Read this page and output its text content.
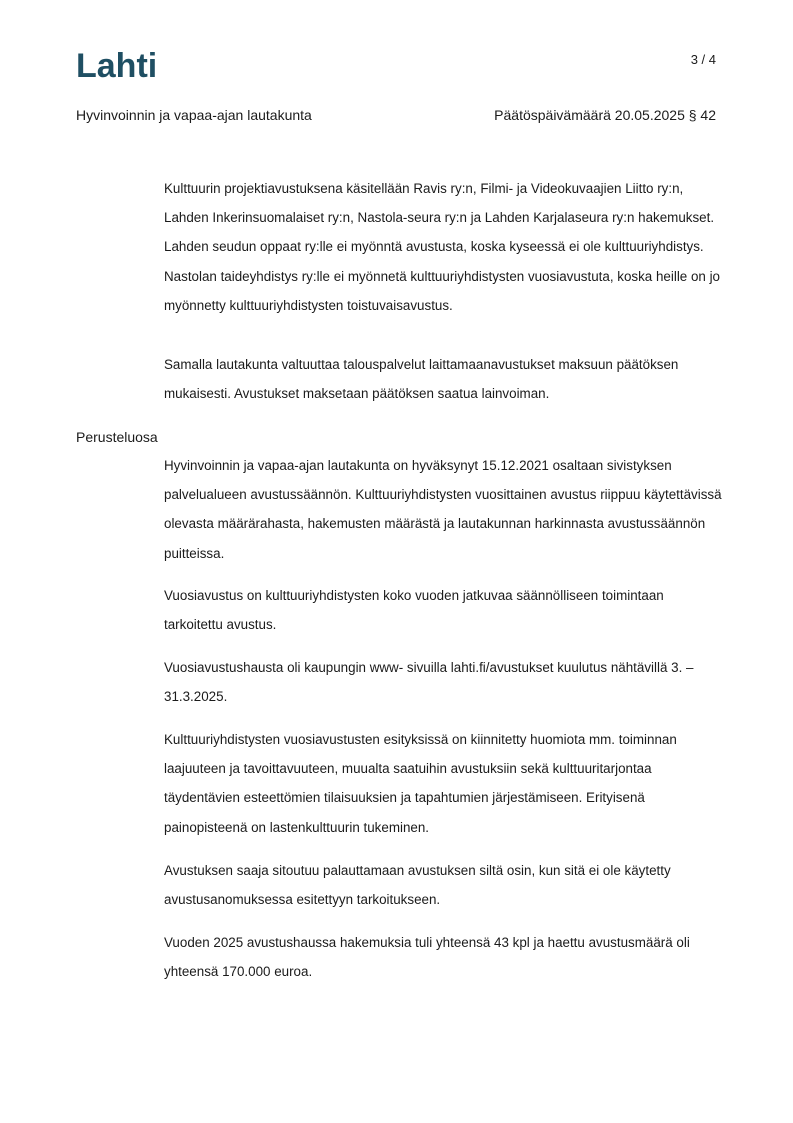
Lahti	3 / 4
Hyvinvoinnin ja vapaa-ajan lautakunta	Päätöspäivämäärä 20.05.2025 § 42

Kulttuurin projektiavustuksena käsitellään Ravis ry:n, Filmi- ja Videokuvaajien Liitto ry:n, Lahden Inkerinsuomalaiset ry:n, Nastola-seura ry:n ja Lahden Karjalaseura ry:n hakemukset. Lahden seudun oppaat ry:lle ei myönntä avustusta, koska kyseessä ei ole kulttuuriyhdistys. Nastolan taideyhdistys ry:lle ei myönnetä kulttuuriyhdistysten vuosiavustuta, koska heille on jo myönnetty kulttuuriyhdistysten toistuvaisavustus.

Samalla lautakunta valtuuttaa talouspalvelut laittamaanavustukset maksuun päätöksen mukaisesti. Avustukset maksetaan päätöksen saatua lainvoiman.

Perusteluosa

Hyvinvoinnin ja vapaa-ajan lautakunta on hyväksynyt 15.12.2021 osaltaan sivistyksen palvelualueen avustussäännön. Kulttuuriyhdistysten vuosittainen avustus riippuu käytettävissä olevasta määrärahasta, hakemusten määrästä ja lautakunnan harkinnasta avustussäännön puitteissa.

Vuosiavustus on kulttuuriyhdistysten koko vuoden jatkuvaa säännölliseen toimintaan tarkoitettu avustus.

Vuosiavustushausta oli kaupungin www- sivuilla lahti.fi/avustukset kuulutus nähtävillä 3. – 31.3.2025.

Kulttuuriyhdistysten vuosiavustusten esityksissä on kiinnitetty huomiota mm. toiminnan laajuuteen ja tavoittavuuteen, muualta saatuihin avustuksiin sekä kulttuuritarjontaa täydentävien esteettömien tilaisuuksien ja tapahtumien järjestämiseen. Erityisenä painopisteenä on lastenkulttuurin tukeminen.

Avustuksen saaja sitoutuu palauttamaan avustuksen siltä osin, kun sitä ei ole käytetty avustusanomuksessa esitettyyn tarkoitukseen.

Vuoden 2025 avustushaussa hakemuksia tuli yhteensä 43 kpl ja haettu avustusmäärä oli yhteensä 170.000 euroa.
